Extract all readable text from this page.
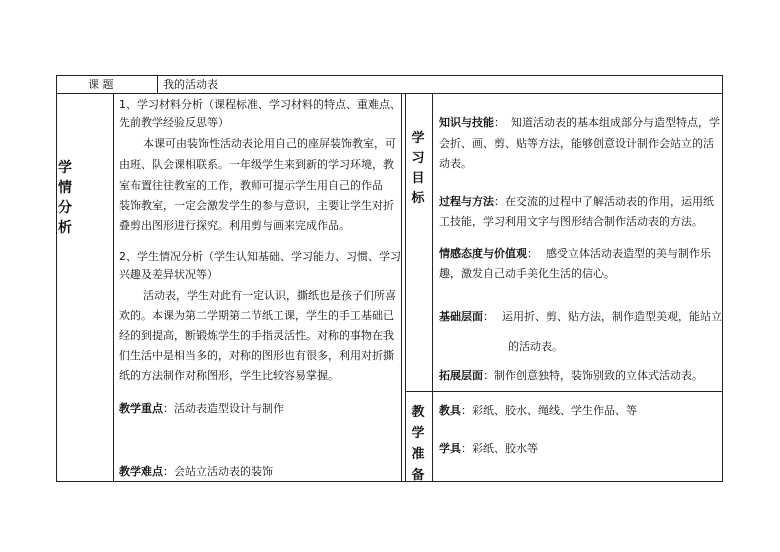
课 题	我的活动表
学
情
分
析
1、学习材料分析（课程标准、学习材料的特点、重难点、
先前教学经验反思等）
本课可由装饰性活动表论用自己的座屏装饰教室，可
由班、队会课相联系。一年级学生来到新的学习环境，教
室布置往往教室的工作，教师可提示学生用自己的作品
装饰教室，一定会激发学生的参与意识，主要让学生对折
叠剪出图形进行探究。利用剪与画来完成作品。
2、学生情况分析（学生认知基础、学习能力、习惯、学习
兴趣及差异状况等）
活动表，学生对此有一定认识，撕纸也是孩子们所喜
欢的。本课为第二学期第二节纸工课，学生的手工基础已
经的到提高，断锻炼学生的手指灵活性。对称的事物在我
们生活中是相当多的，对称的图形也有很多，利用对折撕
纸的方法制作对称图形，学生比较容易掌握。
教学重点：活动表造型设计与制作
教学难点：会站立活动表的装饰
学
习
目
标
知识与技能： 知道活动表的基本组成部分与造型特点，学
会折、画、剪、贴等方法，能够创意设计制作会站立的活
动表。
过程与方法：在交流的过程中了解活动表的作用，运用纸
工技能，学习利用文字与图形结合制作活动表的方法。
情感态度与价值观： 感受立体活动表造型的美与制作乐
趣，激发自己动手美化生活的信心。
基础层面： 运用折、剪、贴方法，制作造型美观，能站立
的活动表。
拓展层面：制作创意独特，装饰别致的立体式活动表。
教
学
准
备
教具：彩纸、胶水、绳线、学生作品、等
学具：彩纸、胶水等
